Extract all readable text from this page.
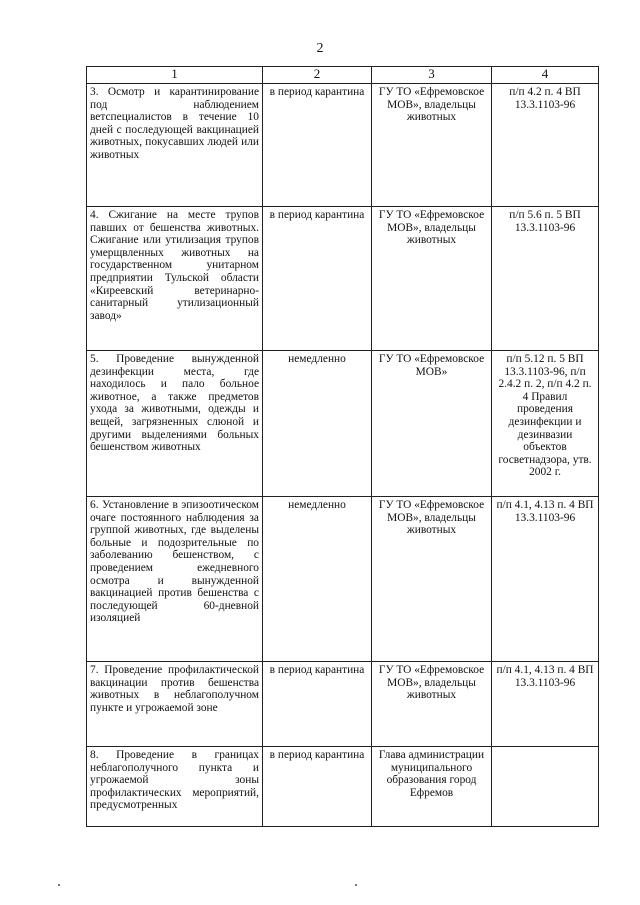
2
1	2	3	4
3. Осмотр и карантинирование под наблюдением ветспециалистов в течение 10 дней с последующей вакцинацией животных, покусавших людей или животных	в период карантина	ГУ ТО «Ефремовское МОВ», владельцы животных	п/п 4.2 п. 4 ВП 13.3.1103-96
4. Сжигание на месте трупов павших от бешенства животных. Сжигание или утилизация трупов умерщвленных животных на государственном унитарном предприятии Тульской области «Киреевский ветеринарно-санитарный утилизационный завод»	в период карантина	ГУ ТО «Ефремовское МОВ», владельцы животных	п/п 5.6 п. 5 ВП 13.3.1103-96
5. Проведение вынужденной дезинфекции места, где находилось и пало больное животное, а также предметов ухода за животными, одежды и вещей, загрязненных слюной и другими выделениями больных бешенством животных	немедленно	ГУ ТО «Ефремовское МОВ»	п/п 5.12 п. 5 ВП 13.3.1103-96, п/п 2.4.2 п. 2, п/п 4.2 п. 4 Правил проведения дезинфекции и дезинвазии объектов госветнадзора, утв. 2002 г.
6. Установление в эпизоотическом очаге постоянного наблюдения за группой животных, где выделены больные и подозрительные по заболеванию бешенством, с проведением ежедневного осмотра и вынужденной вакцинацией против бешенства с последующей 60-дневной изоляцией	немедленно	ГУ ТО «Ефремовское МОВ», владельцы животных	п/п 4.1, 4.13 п. 4 ВП 13.3.1103-96
7. Проведение профилактической вакцинации против бешенства животных в неблагополучном пункте и угрожаемой зоне	в период карантина	ГУ ТО «Ефремовское МОВ», владельцы животных	п/п 4.1, 4.13 п. 4 ВП 13.3.1103-96
8. Проведение в границах неблагополучного пункта и угрожаемой зоны профилактических мероприятий, предусмотренных	в период карантина	Глава администрации муниципального образования город Ефремов	
